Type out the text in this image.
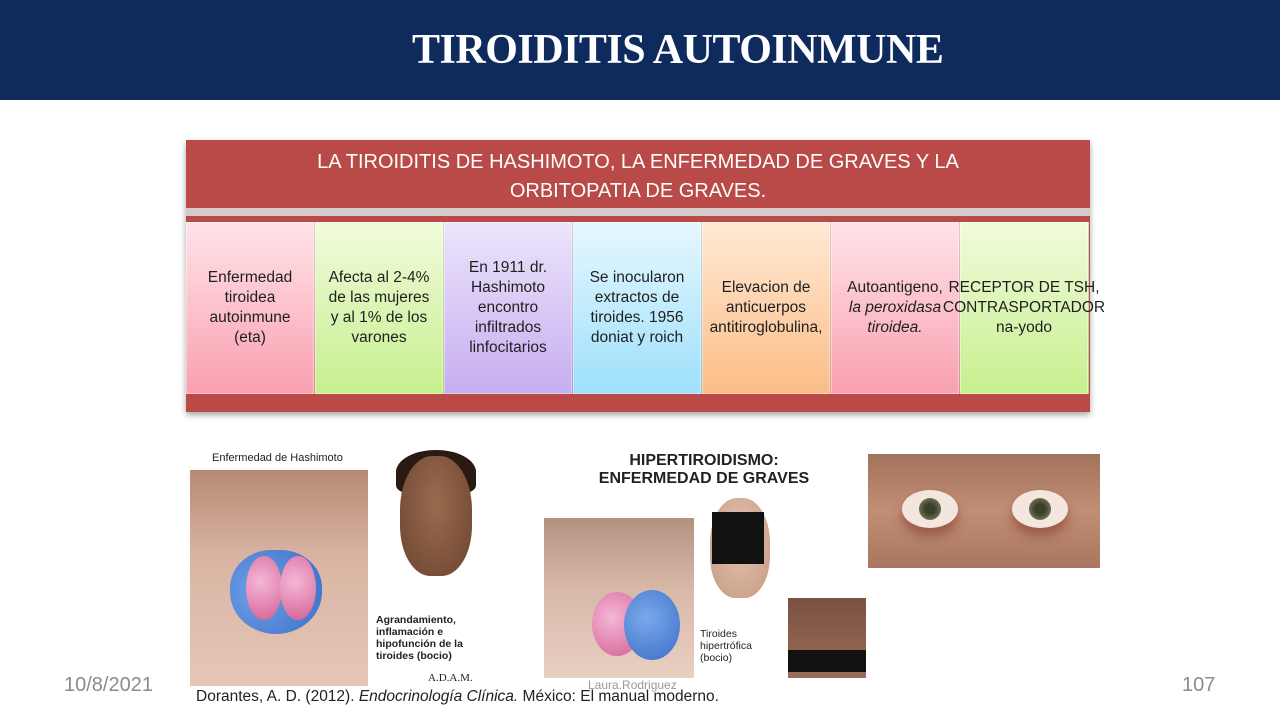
TIROIDITIS AUTOINMUNE
LA TIROIDITIS DE HASHIMOTO, LA ENFERMEDAD DE GRAVES Y LA
ORBITOPATIA DE GRAVES.
Enfermedad tiroidea autoinmune (eta)
Afecta al 2-4% de las mujeres y al 1% de los varones
En 1911 dr. Hashimoto encontro infiltrados linfocitarios
Se inocularon extractos de tiroides. 1956 doniat y roich
Elevacion de anticuerpos antitiroglobulina,
Autoantigeno, la peroxidasa tiroidea.
RECEPTOR DE TSH, CONTRASPORTADOR na-yodo
Enfermedad de Hashimoto
Agrandamiento, inflamación e hipofunción de la tiroides (bocio)
A.D.A.M.
HIPERTIROIDISMO:
ENFERMEDAD DE GRAVES
Tiroides hipertrófica (bocio)
10/8/2021	Laura.Rodriguez	107
Dorantes, A. D. (2012). Endocrinología Clínica. México: El manual moderno.
